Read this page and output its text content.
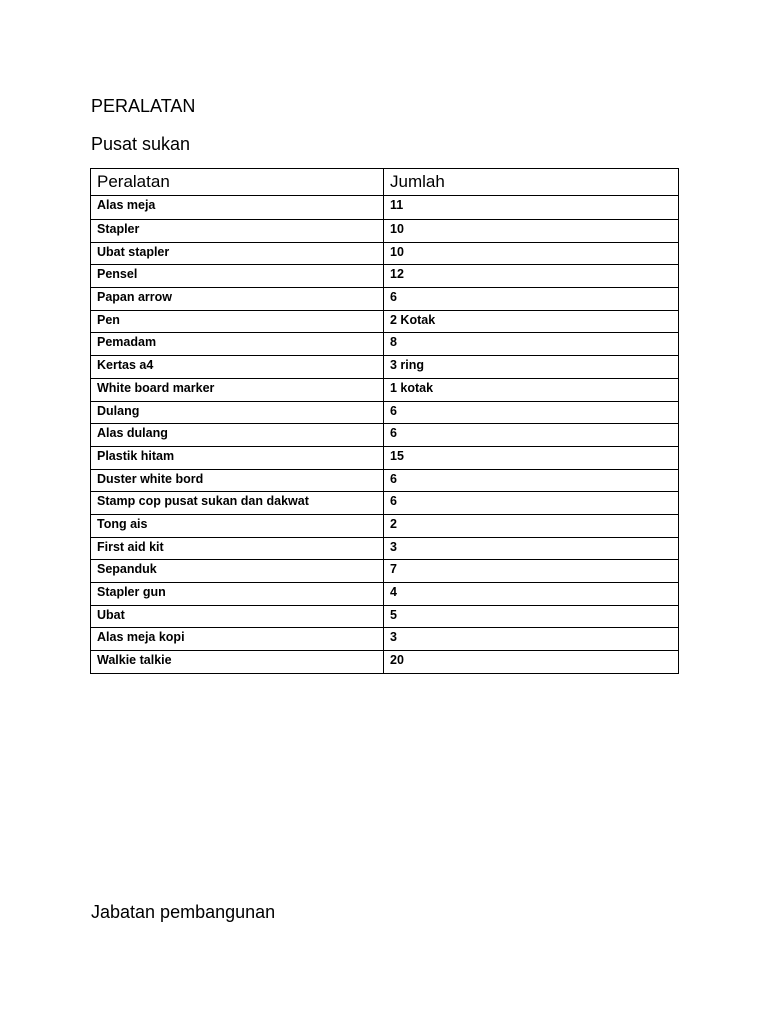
PERALATAN
Pusat sukan
Peralatan	Jumlah
Alas meja	11
Stapler	10
Ubat stapler	10
Pensel	12
Papan arrow	6
Pen	2 Kotak
Pemadam	8
Kertas a4	3 ring
White board marker	1 kotak
Dulang	6
Alas dulang	6
Plastik hitam	15
Duster white bord	6
Stamp cop pusat sukan dan dakwat	6
Tong ais	2
First aid kit	3
Sepanduk	7
Stapler gun	4
Ubat	5
Alas meja kopi	3
Walkie talkie	20
Jabatan pembangunan
